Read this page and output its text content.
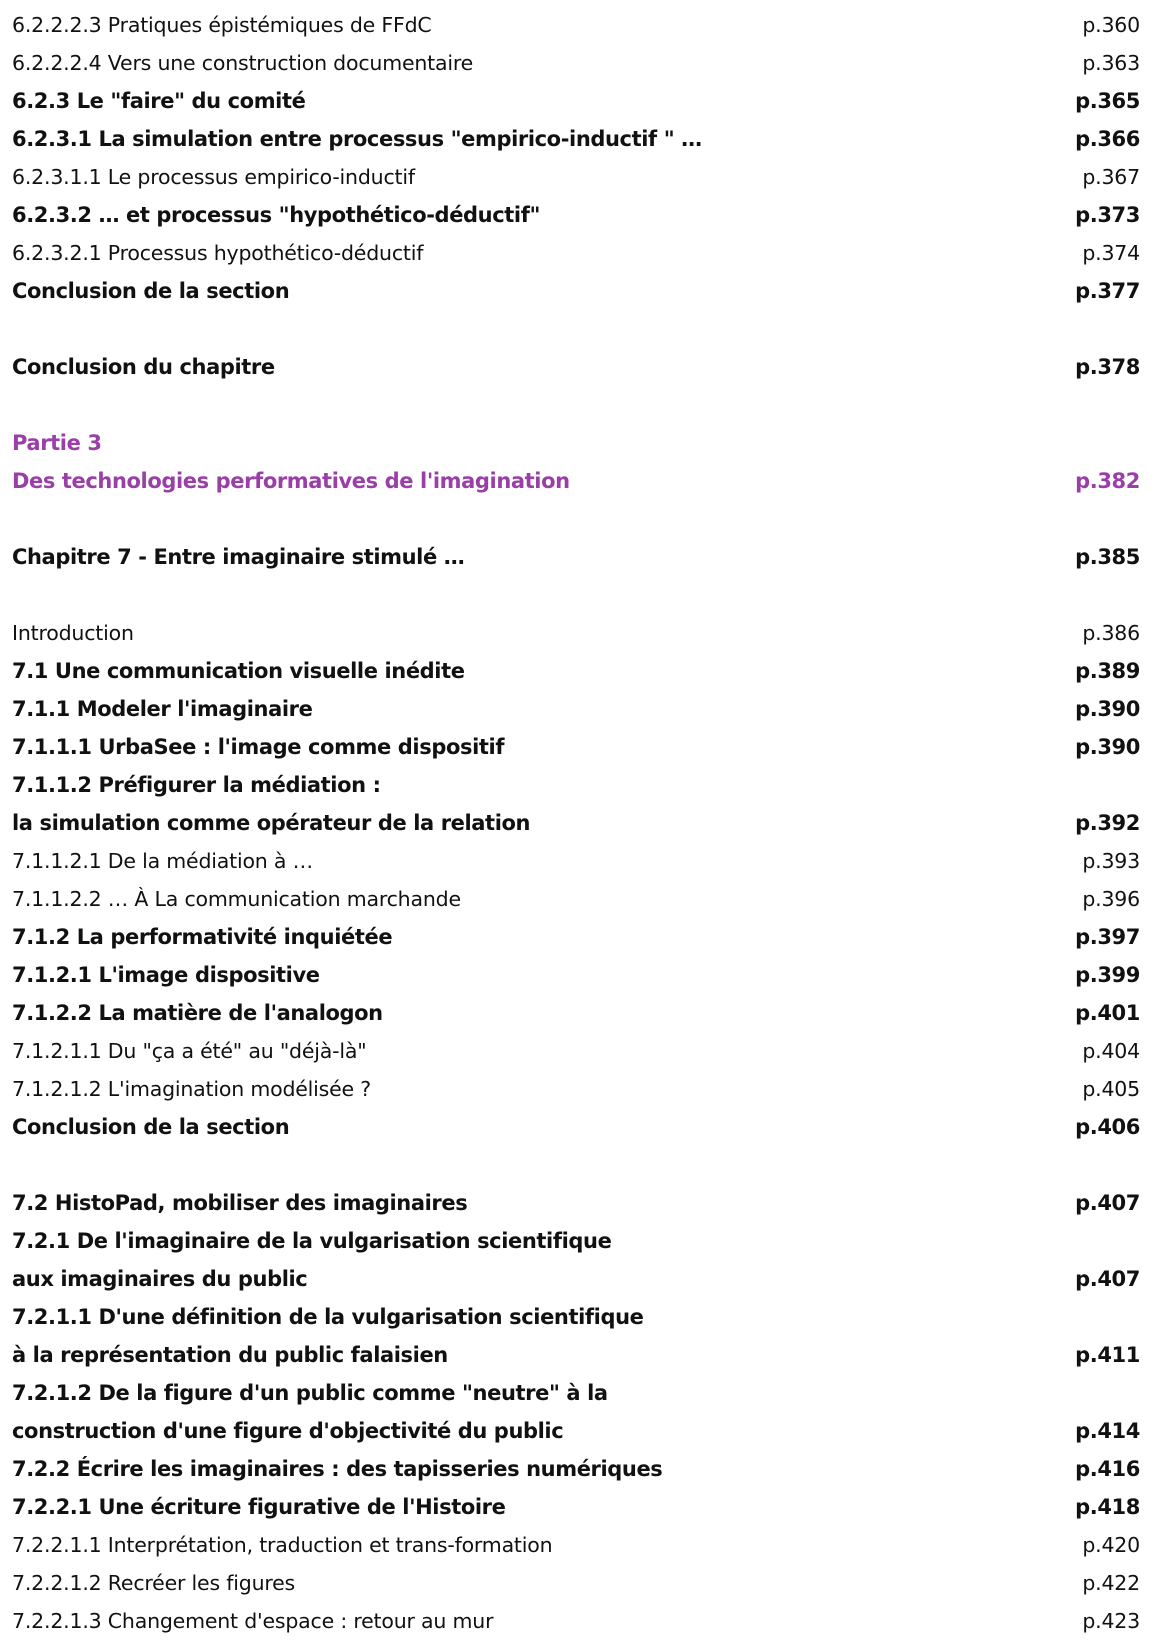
6.2.2.2.3 Pratiques épistémiques de FFdC	p.360
6.2.2.2.4 Vers une construction documentaire	p.363
6.2.3 Le "faire" du comité	p.365
6.2.3.1 La simulation entre processus "empirico-inductif " …	p.366
6.2.3.1.1 Le processus empirico-inductif	p.367
6.2.3.2 … et processus "hypothético-déductif"	p.373
6.2.3.2.1 Processus hypothético-déductif	p.374
Conclusion de la section	p.377
Conclusion du chapitre	p.378
Partie 3
Des technologies performatives de l'imagination	p.382
Chapitre 7 - Entre imaginaire stimulé …	p.385
Introduction	p.386
7.1 Une communication visuelle inédite	p.389
7.1.1 Modeler l'imaginaire	p.390
7.1.1.1 UrbaSee : l'image comme dispositif	p.390
7.1.1.2 Préfigurer la médiation :
la simulation comme opérateur de la relation	p.392
7.1.1.2.1 De la médiation à …	p.393
7.1.1.2.2 … À La communication marchande	p.396
7.1.2 La performativité inquiétée	p.397
7.1.2.1 L'image dispositive	p.399
7.1.2.2 La matière de l'analogon	p.401
7.1.2.1.1 Du "ça a été" au "déjà-là"	p.404
7.1.2.1.2 L'imagination modélisée ?	p.405
Conclusion de la section	p.406
7.2 HistoPad, mobiliser des imaginaires	p.407
7.2.1 De l'imaginaire de la vulgarisation scientifique
aux imaginaires du public	p.407
7.2.1.1 D'une définition de la vulgarisation scientifique
à la représentation du public falaisien	p.411
7.2.1.2 De la figure d'un public comme "neutre" à la
construction d'une figure d'objectivité du public	p.414
7.2.2 Écrire les imaginaires : des tapisseries numériques	p.416
7.2.2.1 Une écriture figurative de l'Histoire	p.418
7.2.2.1.1 Interprétation, traduction et trans-formation	p.420
7.2.2.1.2 Recréer les figures	p.422
7.2.2.1.3 Changement d'espace : retour au mur	p.423
